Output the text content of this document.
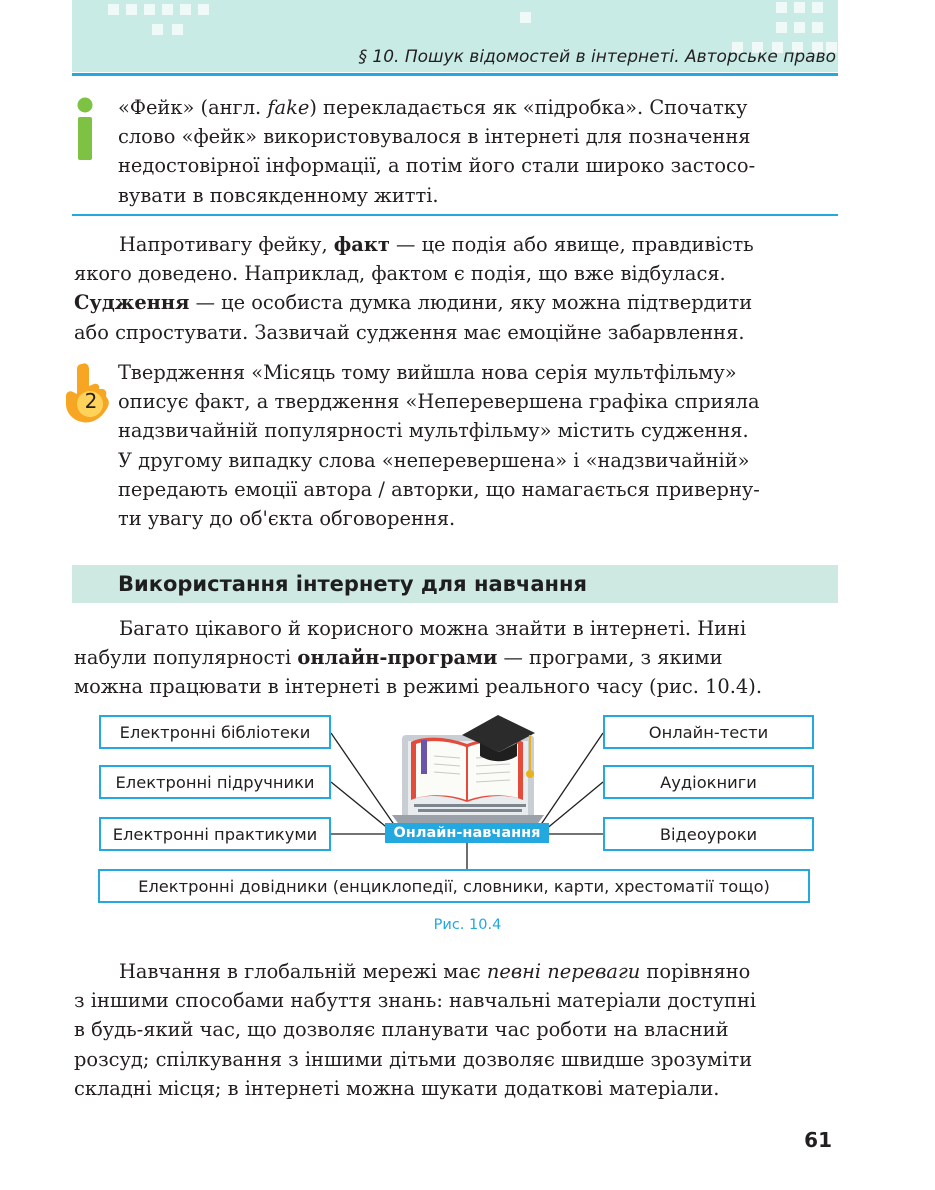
§ 10. Пошук відомостей в інтернеті. Авторське право

«Фейк» (англ. fake) перекладається як «підробка». Спочатку
слово «фейк» використовувалося в інтернеті для позначення
недостовірної інформації, а потім його стали широко застосо-
вувати в повсякденному житті.

Напротивагу фейку, факт — це подія або явище, правдивість
якого доведено. Наприклад, фактом є подія, що вже відбулася.
Судження — це особиста думка людини, яку можна підтвердити
або спростувати. Зазвичай судження має емоційне забарвлення.

2

Твердження «Місяць тому вийшла нова серія мультфільму»
описує факт, а твердження «Неперевершена графіка сприяла
надзвичайній популярності мультфільму» містить судження.
У другому випадку слова «неперевершена» і «надзвичайній»
передають емоції автора / авторки, що намагається приверну-
ти увагу до об'єкта обговорення.

Використання інтернету для навчання

Багато цікавого й корисного можна знайти в інтернеті. Нині
набули популярності онлайн-програми — програми, з якими
можна працювати в інтернеті в режимі реального часу (рис. 10.4).

Електронні бібліотеки
Електронні підручники
Електронні практикуми
Онлайн-тести
Аудіокниги
Відеоуроки
Електронні довідники (енциклопедії, словники, карти, хрестоматії тощо)
Онлайн-навчання
Рис. 10.4

Навчання в глобальній мережі має певні переваги порівняно
з іншими способами набуття знань: навчальні матеріали доступні
в будь-який час, що дозволяє планувати час роботи на власний
розсуд; спілкування з іншими дітьми дозволяє швидше зрозуміти
складні місця; в інтернеті можна шукати додаткові матеріали.

61
